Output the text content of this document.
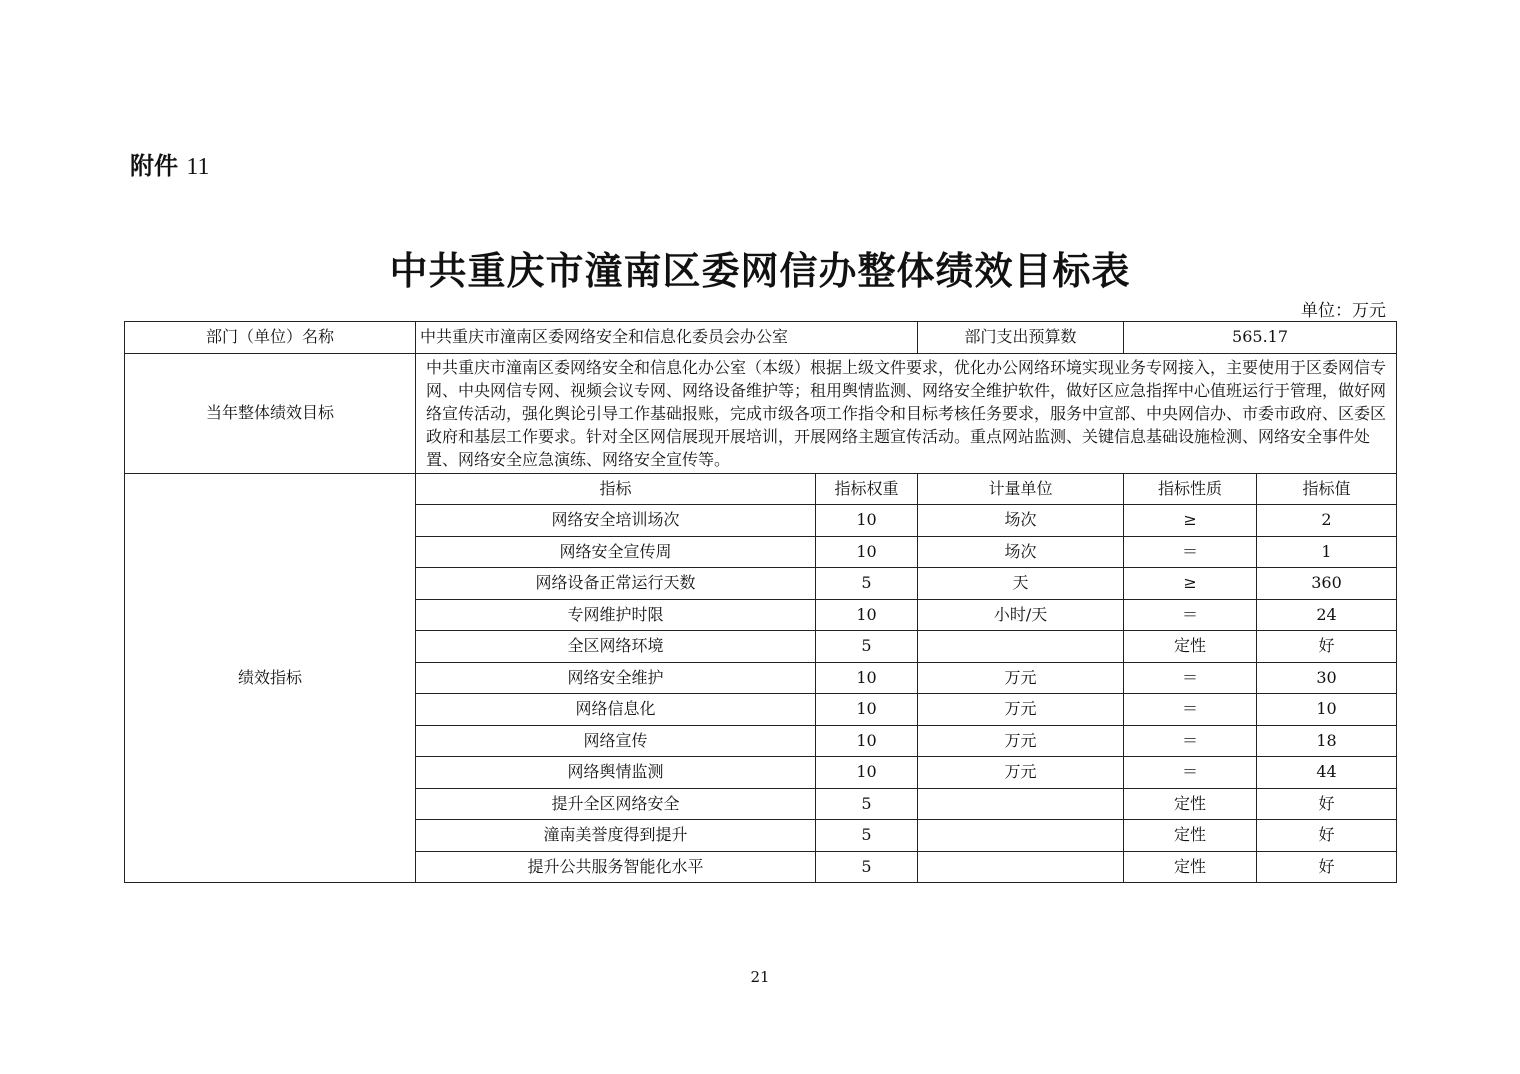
附件 11
中共重庆市潼南区委网信办整体绩效目标表
单位：万元
部门（单位）名称	中共重庆市潼南区委网络安全和信息化委员会办公室		部门支出预算数	565.17	
当年整体绩效目标	中共重庆市潼南区委网络安全和信息化办公室（本级）根据上级文件要求，优化办公网络环境实现业务专网接入，主要使用于区委网信专网、中央网信专网、视频会议专网、网络设备维护等；租用舆情监测、网络安全维护软件，做好区应急指挥中心值班运行于管理，做好网络宣传活动，强化舆论引导工作基础报账，完成市级各项工作指令和目标考核任务要求，服务中宣部、中央网信办、市委市政府、区委区政府和基层工作要求。针对全区网信展现开展培训，开展网络主题宣传活动。重点网站监测、关键信息基础设施检测、网络安全事件处置、网络安全应急演练、网络安全宣传等。				
绩效指标	指标	指标权重	计量单位	指标性质	指标值
	网络安全培训场次	10	场次	≥	2
	网络安全宣传周	10	场次	＝	1
	网络设备正常运行天数	5	天	≥	360
	专网维护时限	10	小时/天	＝	24
	全区网络环境	5		定性	好
	网络安全维护	10	万元	＝	30
	网络信息化	10	万元	＝	10
	网络宣传	10	万元	＝	18
	网络舆情监测	10	万元	＝	44
	提升全区网络安全	5		定性	好
	潼南美誉度得到提升	5		定性	好
	提升公共服务智能化水平	5		定性	好
21
